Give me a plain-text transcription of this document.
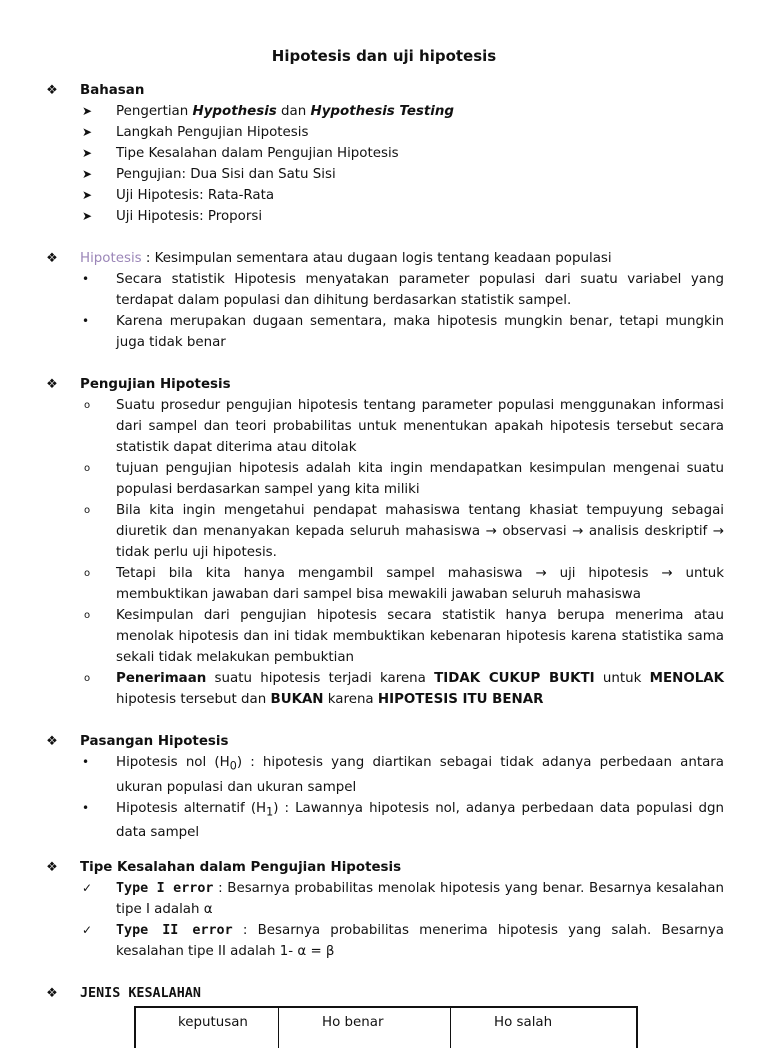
Hipotesis dan uji hipotesis
❖ Bahasan
➤	Pengertian Hypothesis dan Hypothesis Testing
➤	Langkah Pengujian Hipotesis
➤	Tipe Kesalahan dalam Pengujian Hipotesis
➤	Pengujian: Dua Sisi dan Satu Sisi
➤	Uji Hipotesis: Rata-Rata
➤	Uji Hipotesis: Proporsi
❖ Hipotesis : Kesimpulan sementara atau dugaan logis tentang keadaan populasi
•	Secara statistik Hipotesis menyatakan parameter populasi dari suatu variabel yang terdapat dalam populasi dan dihitung berdasarkan statistik sampel.
•	Karena merupakan dugaan sementara, maka hipotesis mungkin benar, tetapi mungkin juga tidak benar
❖ Pengujian Hipotesis
o	Suatu prosedur pengujian hipotesis tentang parameter populasi menggunakan informasi dari sampel dan teori probabilitas untuk menentukan apakah hipotesis tersebut secara statistik dapat diterima atau ditolak
o	tujuan pengujian hipotesis adalah kita ingin mendapatkan kesimpulan mengenai suatu populasi berdasarkan sampel yang kita miliki
o	Bila kita ingin mengetahui pendapat mahasiswa tentang khasiat tempuyung sebagai diuretik dan menanyakan kepada seluruh mahasiswa → observasi → analisis deskriptif → tidak perlu uji hipotesis.
o	Tetapi bila kita hanya mengambil sampel mahasiswa → uji hipotesis → untuk membuktikan jawaban dari sampel bisa mewakili jawaban seluruh mahasiswa
o	Kesimpulan dari pengujian hipotesis secara statistik hanya berupa menerima atau menolak hipotesis dan ini tidak membuktikan kebenaran hipotesis karena statistika sama sekali tidak melakukan pembuktian
o	Penerimaan suatu hipotesis terjadi karena TIDAK CUKUP BUKTI untuk MENOLAK hipotesis tersebut dan BUKAN karena HIPOTESIS ITU BENAR
❖ Pasangan Hipotesis
•	Hipotesis nol $(H_0)$ : hipotesis yang diartikan sebagai tidak adanya perbedaan antara ukuran populasi dan ukuran sampel
•	Hipotesis alternatif $(H_1)$ : Lawannya hipotesis nol, adanya perbedaan data populasi dgn data sampel
❖ Tipe Kesalahan dalam Pengujian Hipotesis
✓	Type I error : Besarnya probabilitas menolak hipotesis yang benar. Besarnya kesalahan tipe I adalah α
✓	Type II error : Besarnya probabilitas menerima hipotesis yang salah. Besarnya kesalahan tipe II adalah 1- α = β
❖ JENIS KESALAHAN
keputusan	Ho benar	Ho salah
